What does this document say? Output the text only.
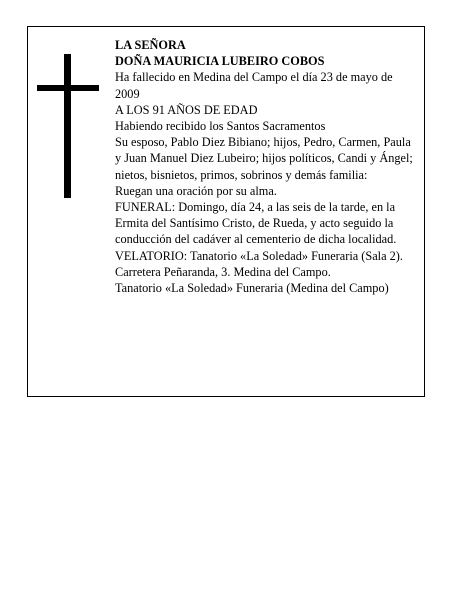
LA SEÑORA

DOÑA MAURICIA LUBEIRO COBOS

Ha fallecido en Medina del Campo el día 23 de mayo de 2009

A LOS 91 AÑOS DE EDAD

Habiendo recibido los Santos Sacramentos

Su esposo, Pablo Diez Bibiano; hijos, Pedro, Carmen, Paula y Juan Manuel Diez Lubeiro; hijos políticos, Candi y Ángel; nietos, bisnietos, primos, sobrinos y demás familia:

Ruegan una oración por su alma.

FUNERAL: Domingo, día 24, a las seis de la tarde, en la Ermita del Santísimo Cristo, de Rueda, y acto seguido la conducción del cadáver al cementerio de dicha localidad.

VELATORIO: Tanatorio «La Soledad» Funeraria (Sala 2). Carretera Peñaranda, 3. Medina del Campo.

Tanatorio «La Soledad» Funeraria (Medina del Campo)
